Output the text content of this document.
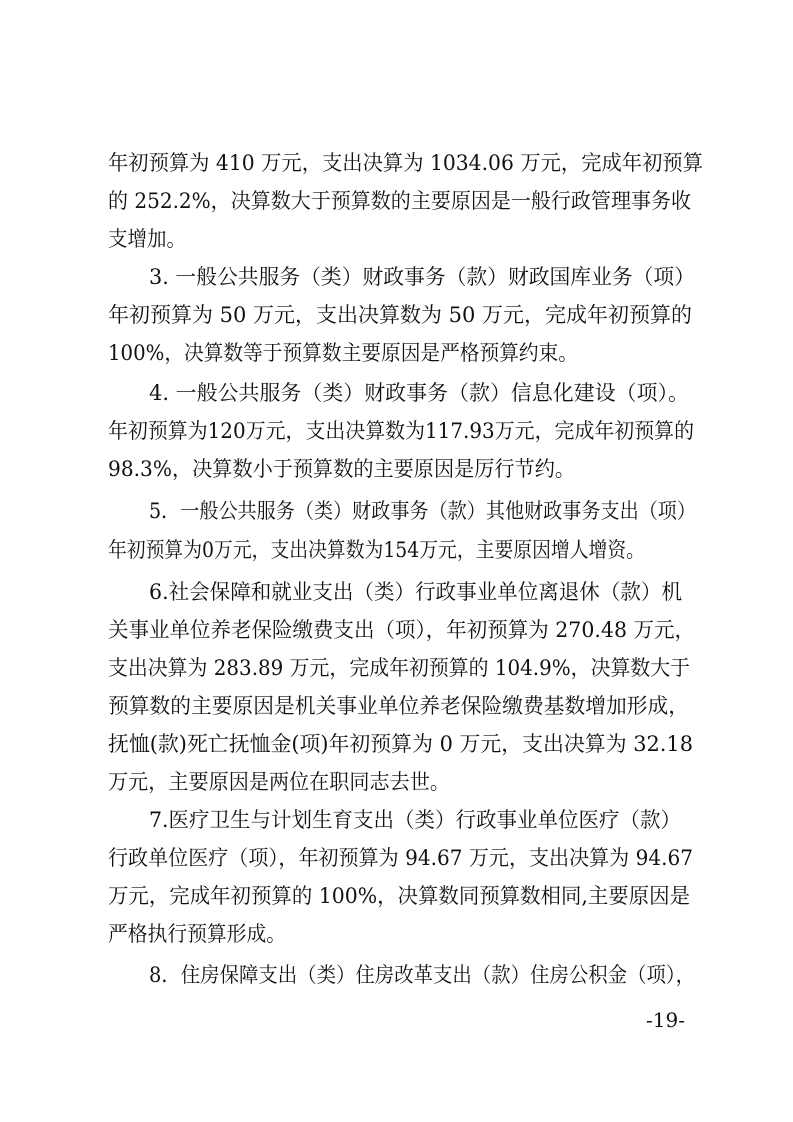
年初预算为 410 万元，支出决算为 1034.06 万元，完成年初预算
的 252.2%，决算数大于预算数的主要原因是一般行政管理事务收
支增加。
3. 一般公共服务（类）财政事务（款）财政国库业务（项）
年初预算为 50 万元，支出决算数为 50 万元，完成年初预算的
100%，决算数等于预算数主要原因是严格预算约束。
4. 一般公共服务（类）财政事务（款）信息化建设（项）。
年初预算为120万元，支出决算数为117.93万元，完成年初预算的
98.3%，决算数小于预算数的主要原因是厉行节约。
5．一般公共服务（类）财政事务（款）其他财政事务支出（项）
年初预算为0万元，支出决算数为154万元，主要原因增人增资。
6.社会保障和就业支出（类）行政事业单位离退休（款）机
关事业单位养老保险缴费支出（项），年初预算为 270.48 万元，
支出决算为 283.89 万元，完成年初预算的 104.9%，决算数大于
预算数的主要原因是机关事业单位养老保险缴费基数增加形成，
抚恤(款)死亡抚恤金(项)年初预算为 0 万元，支出决算为 32.18
万元，主要原因是两位在职同志去世。
7.医疗卫生与计划生育支出（类）行政事业单位医疗（款）
行政单位医疗（项），年初预算为 94.67 万元，支出决算为 94.67
万元，完成年初预算的 100%，决算数同预算数相同,主要原因是
严格执行预算形成。
8．住房保障支出（类）住房改革支出（款）住房公积金（项），
-19-
